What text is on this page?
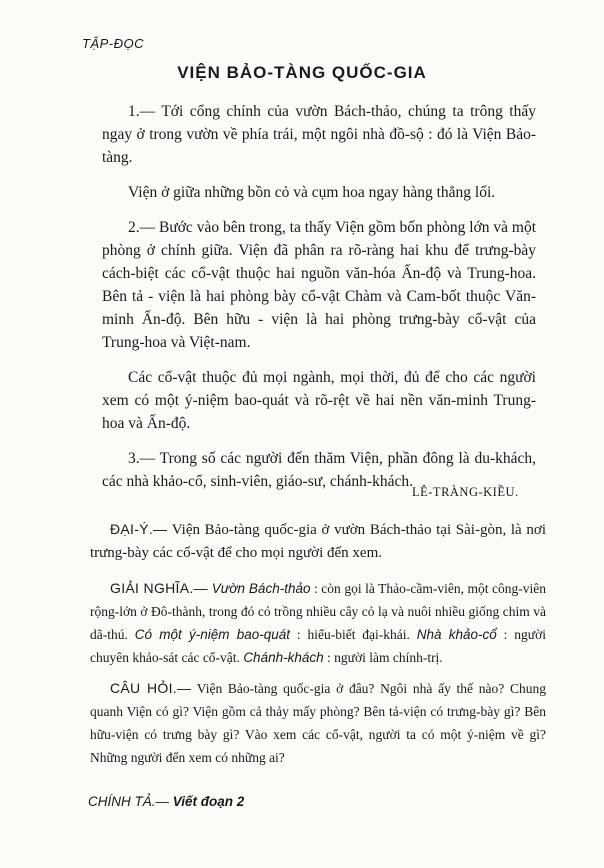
TẬP-ĐỌC
VIỆN BẢO-TÀNG QUỐC-GIA

1.— Tới cổng chính của vườn Bách-thảo, chúng ta trông thấy ngay ở trong vườn về phía trái, một ngôi nhà đồ-sộ : đó là Viện Bảo-tàng.

Viện ở giữa những bồn cỏ và cụm hoa ngay hàng thẳng lối.

2.— Bước vào bên trong, ta thấy Viện gồm bốn phòng lớn và một phòng ở chính giữa. Viện đã phân ra rõ-ràng hai khu để trưng-bày cách-biệt các cổ-vật thuộc hai nguồn văn-hóa Ấn-độ và Trung-hoa. Bên tả - viện là hai phòng bày cổ-vật Chàm và Cam-bốt thuộc Văn-minh Ấn-độ. Bên hữu - viện là hai phòng trưng-bày cổ-vật của Trung-hoa và Việt-nam.

Các cổ-vật thuộc đủ mọi ngành, mọi thời, đủ để cho các người xem có một ý-niệm bao-quát và rõ-rệt về hai nền văn-minh Trung-hoa và Ấn-độ.

3.— Trong số các người đến thăm Viện, phần đông là du-khách, các nhà khảo-cổ, sinh-viên, giáo-sư, chánh-khách.

LÊ-TRÀNG-KIỀU.

ĐẠI-Ý.— Viện Bảo-tàng quốc-gia ở vườn Bách-thảo tại Sài-gòn, là nơi trưng-bày các cổ-vật để cho mọi người đến xem.

GIẢI NGHĨA.— Vườn Bách-thảo : còn gọi là Thảo-cầm-viên, một công-viên rộng-lớn ở Đô-thành, trong đó có trồng nhiều cây cỏ lạ và nuôi nhiều giống chim và dã-thú. Có một ý-niệm bao-quát : hiểu-biết đại-khái. Nhà khảo-cổ : người chuyên khảo-sát các cổ-vật. Chánh-khách : người làm chính-trị.

CÂU HỎI.— Viện Bảo-tàng quốc-gia ở đâu? Ngôi nhà ấy thế nào? Chung quanh Viện có gì? Viện gồm cả thảy mấy phòng? Bên tả-viện có trưng-bày gì? Bên hữu-viện có trưng bày gì? Vào xem các cổ-vật, người ta có một ý-niệm về gì? Những người đến xem có những ai?

CHÍNH TẢ.— Viết đoạn 2
